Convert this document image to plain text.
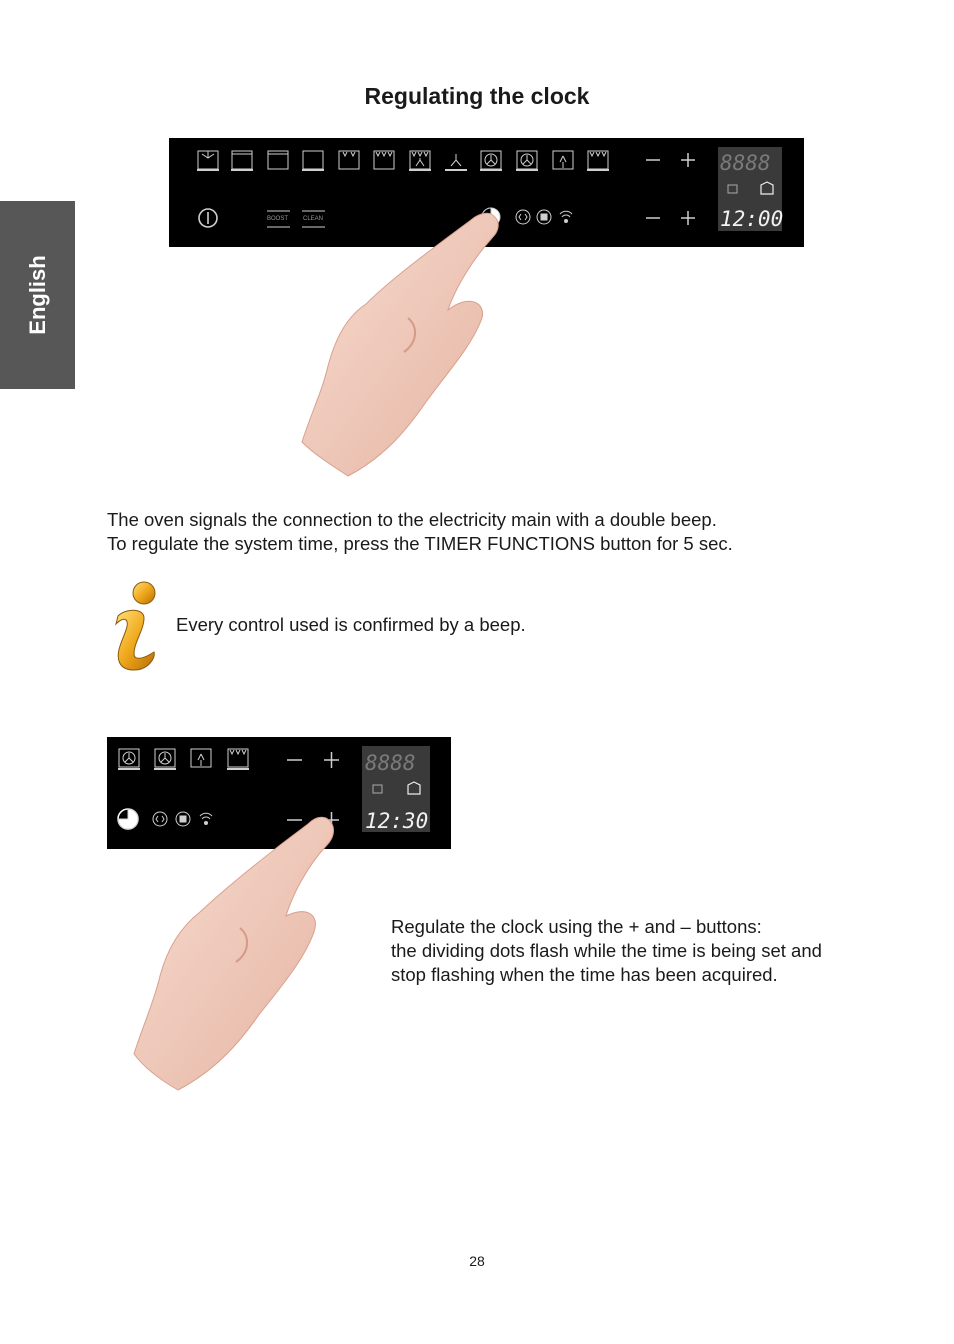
English
Regulating the clock
BOOST CLEAN
8888
12:00

The oven signals the connection to the electricity main with a double beep.

To regulate the system time, press the TIMER FUNCTIONS button for 5 sec.

Every control used is confirmed by a beep.

8888
12:30

Regulate the clock using the + and – buttons:

the dividing dots flash while the time is being set and

stop flashing when the time has been acquired.

28
